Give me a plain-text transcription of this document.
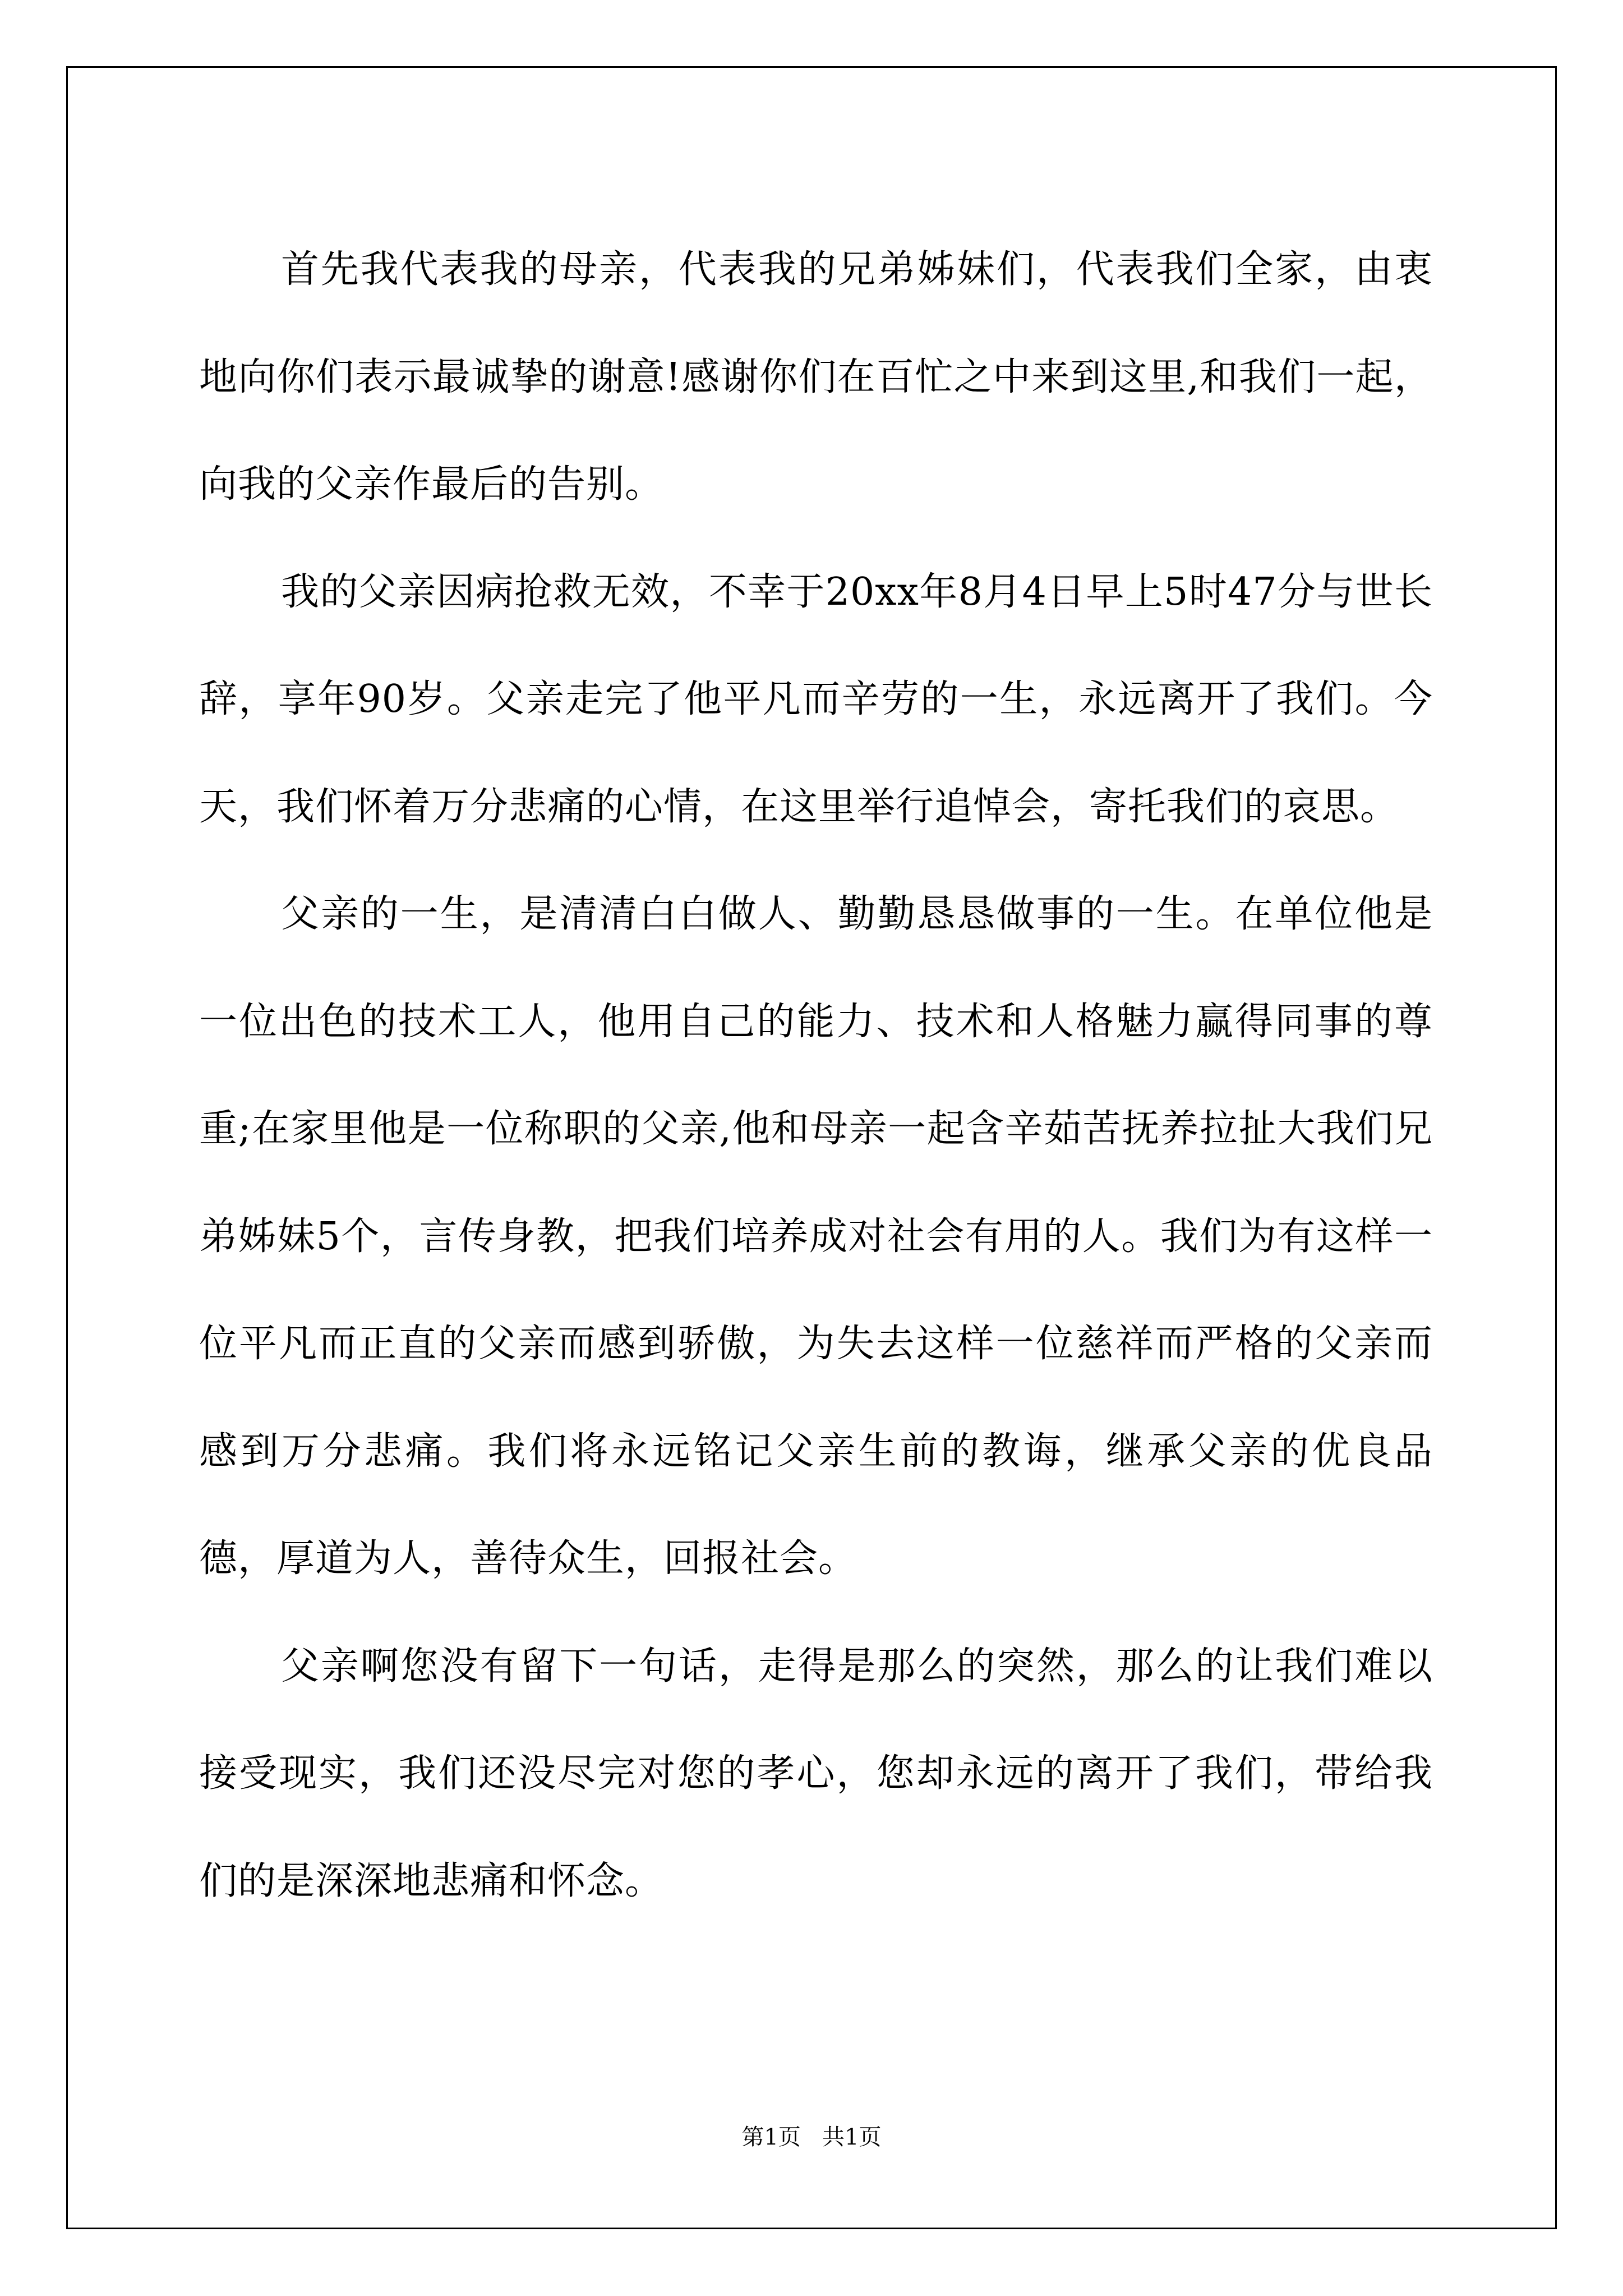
首先我代表我的母亲，代表我的兄弟姊妹们，代表我们全家，由衷地向你们表示最诚挚的谢意!感谢你们在百忙之中来到这里,和我们一起，向我的父亲作最后的告别。

我的父亲因病抢救无效，不幸于20xx年8月4日早上5时47分与世长辞，享年90岁。父亲走完了他平凡而辛劳的一生，永远离开了我们。今天，我们怀着万分悲痛的心情，在这里举行追悼会，寄托我们的哀思。

父亲的一生，是清清白白做人、勤勤恳恳做事的一生。在单位他是一位出色的技术工人，他用自己的能力、技术和人格魅力赢得同事的尊重;在家里他是一位称职的父亲,他和母亲一起含辛茹苦抚养拉扯大我们兄弟姊妹5个，言传身教，把我们培养成对社会有用的人。我们为有这样一位平凡而正直的父亲而感到骄傲，为失去这样一位慈祥而严格的父亲而感到万分悲痛。我们将永远铭记父亲生前的教诲，继承父亲的优良品德，厚道为人，善待众生，回报社会。

父亲啊您没有留下一句话，走得是那么的突然，那么的让我们难以接受现实，我们还没尽完对您的孝心，您却永远的离开了我们，带给我们的是深深地悲痛和怀念。

第1页   共1页
